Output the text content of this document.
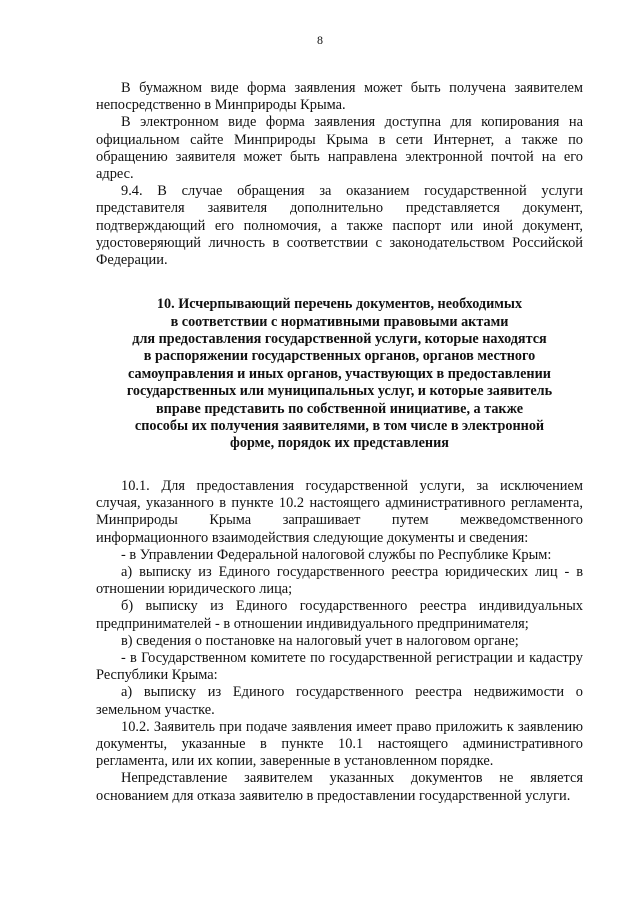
8

В бумажном виде форма заявления может быть получена заявителем непосредственно в Минприроды Крыма.

В электронном виде форма заявления доступна для копирования на официальном сайте Минприроды Крыма в сети Интернет, а также по обращению заявителя может быть направлена электронной почтой на его адрес.

9.4. В случае обращения за оказанием государственной услуги представителя заявителя дополнительно представляется документ, подтверждающий его полномочия, а также паспорт или иной документ, удостоверяющий личность в соответствии с законодательством Российской Федерации.

10. Исчерпывающий перечень документов, необходимых
в соответствии с нормативными правовыми актами
для предоставления государственной услуги, которые находятся
в распоряжении государственных органов, органов местного
самоуправления и иных органов, участвующих в предоставлении
государственных или муниципальных услуг, и которые заявитель
вправе представить по собственной инициативе, а также
способы их получения заявителями, в том числе в электронной
форме, порядок их представления

10.1. Для предоставления государственной услуги, за исключением случая, указанного в пункте 10.2 настоящего административного регламента, Минприроды Крыма запрашивает путем межведомственного информационного взаимодействия следующие документы и сведения:

- в Управлении Федеральной налоговой службы по Республике Крым:

а) выписку из Единого государственного реестра юридических лиц - в отношении юридического лица;

б) выписку из Единого государственного реестра индивидуальных предпринимателей - в отношении индивидуального предпринимателя;

в) сведения о постановке на налоговый учет в налоговом органе;

- в Государственном комитете по государственной регистрации и кадастру Республики Крыма:

а) выписку из Единого государственного реестра недвижимости о земельном участке.

10.2. Заявитель при подаче заявления имеет право приложить к заявлению документы, указанные в пункте 10.1 настоящего административного регламента, или их копии, заверенные в установленном порядке.

Непредставление заявителем указанных документов не является основанием для отказа заявителю в предоставлении государственной услуги.
